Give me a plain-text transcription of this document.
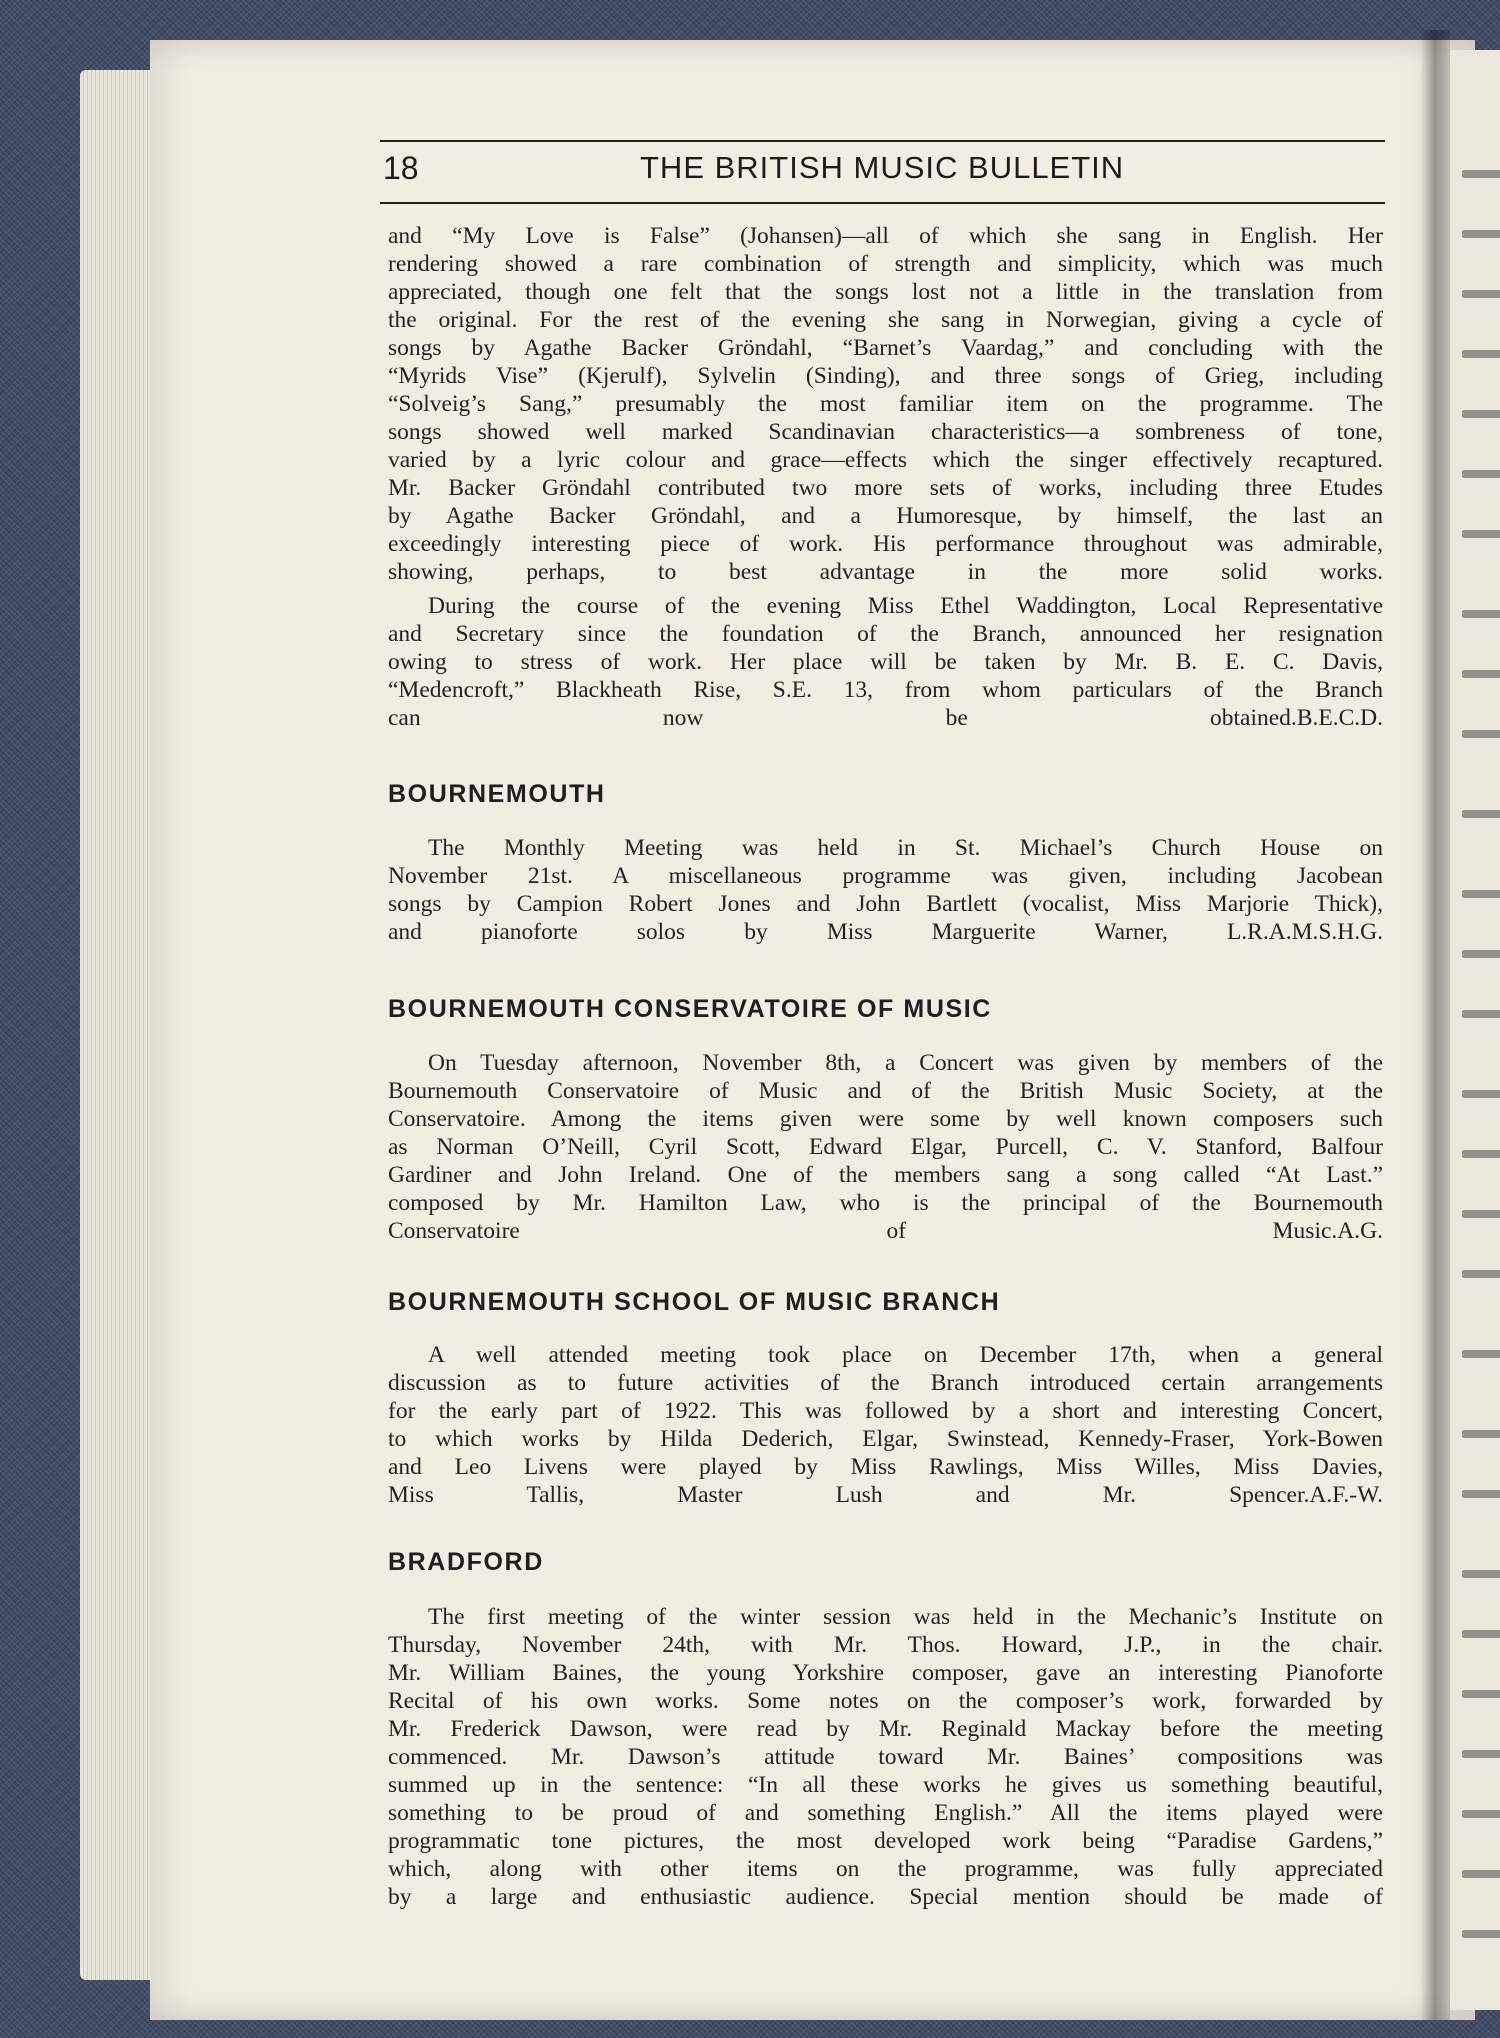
18	THE BRITISH MUSIC BULLETIN
and “My Love is False” (Johansen)—all of which she sang in English. Her
rendering showed a rare combination of strength and simplicity, which was much
appreciated, though one felt that the songs lost not a little in the translation from
the original. For the rest of the evening she sang in Norwegian, giving a cycle of
songs by Agathe Backer Gröndahl, “Barnet’s Vaardag,” and concluding with the
“Myrids Vise” (Kjerulf), Sylvelin (Sinding), and three songs of Grieg, including
“Solveig’s Sang,” presumably the most familiar item on the programme. The
songs showed well marked Scandinavian characteristics—a sombreness of tone,
varied by a lyric colour and grace—effects which the singer effectively recaptured.
Mr. Backer Gröndahl contributed two more sets of works, including three Etudes
by Agathe Backer Gröndahl, and a Humoresque, by himself, the last an
exceedingly interesting piece of work. His performance throughout was admirable,
showing, perhaps, to best advantage in the more solid works.
During the course of the evening Miss Ethel Waddington, Local Representative
and Secretary since the foundation of the Branch, announced her resignation
owing to stress of work. Her place will be taken by Mr. B. E. C. Davis,
“Medencroft,” Blackheath Rise, S.E. 13, from whom particulars of the Branch
can now be obtained. B.E.C.D.
BOURNEMOUTH
The Monthly Meeting was held in St. Michael’s Church House on
November 21st. A miscellaneous programme was given, including Jacobean
songs by Campion Robert Jones and John Bartlett (vocalist, Miss Marjorie Thick),
and pianoforte solos by Miss Marguerite Warner, L.R.A.M. S.H.G.
BOURNEMOUTH CONSERVATOIRE OF MUSIC
On Tuesday afternoon, November 8th, a Concert was given by members of the
Bournemouth Conservatoire of Music and of the British Music Society, at the
Conservatoire. Among the items given were some by well known composers such
as Norman O’Neill, Cyril Scott, Edward Elgar, Purcell, C. V. Stanford, Balfour
Gardiner and John Ireland. One of the members sang a song called “At Last.”
composed by Mr. Hamilton Law, who is the principal of the Bournemouth
Conservatoire of Music. A.G.
BOURNEMOUTH SCHOOL OF MUSIC BRANCH
A well attended meeting took place on December 17th, when a general
discussion as to future activities of the Branch introduced certain arrangements
for the early part of 1922. This was followed by a short and interesting Concert,
to which works by Hilda Dederich, Elgar, Swinstead, Kennedy-Fraser, York-Bowen
and Leo Livens were played by Miss Rawlings, Miss Willes, Miss Davies,
Miss Tallis, Master Lush and Mr. Spencer. A.F.-W.
BRADFORD
The first meeting of the winter session was held in the Mechanic’s Institute on
Thursday, November 24th, with Mr. Thos. Howard, J.P., in the chair.
Mr. William Baines, the young Yorkshire composer, gave an interesting Pianoforte
Recital of his own works. Some notes on the composer’s work, forwarded by
Mr. Frederick Dawson, were read by Mr. Reginald Mackay before the meeting
commenced. Mr. Dawson’s attitude toward Mr. Baines’ compositions was
summed up in the sentence: “In all these works he gives us something beautiful,
something to be proud of and something English.” All the items played were
programmatic tone pictures, the most developed work being “Paradise Gardens,”
which, along with other items on the programme, was fully appreciated
by a large and enthusiastic audience. Special mention should be made of
